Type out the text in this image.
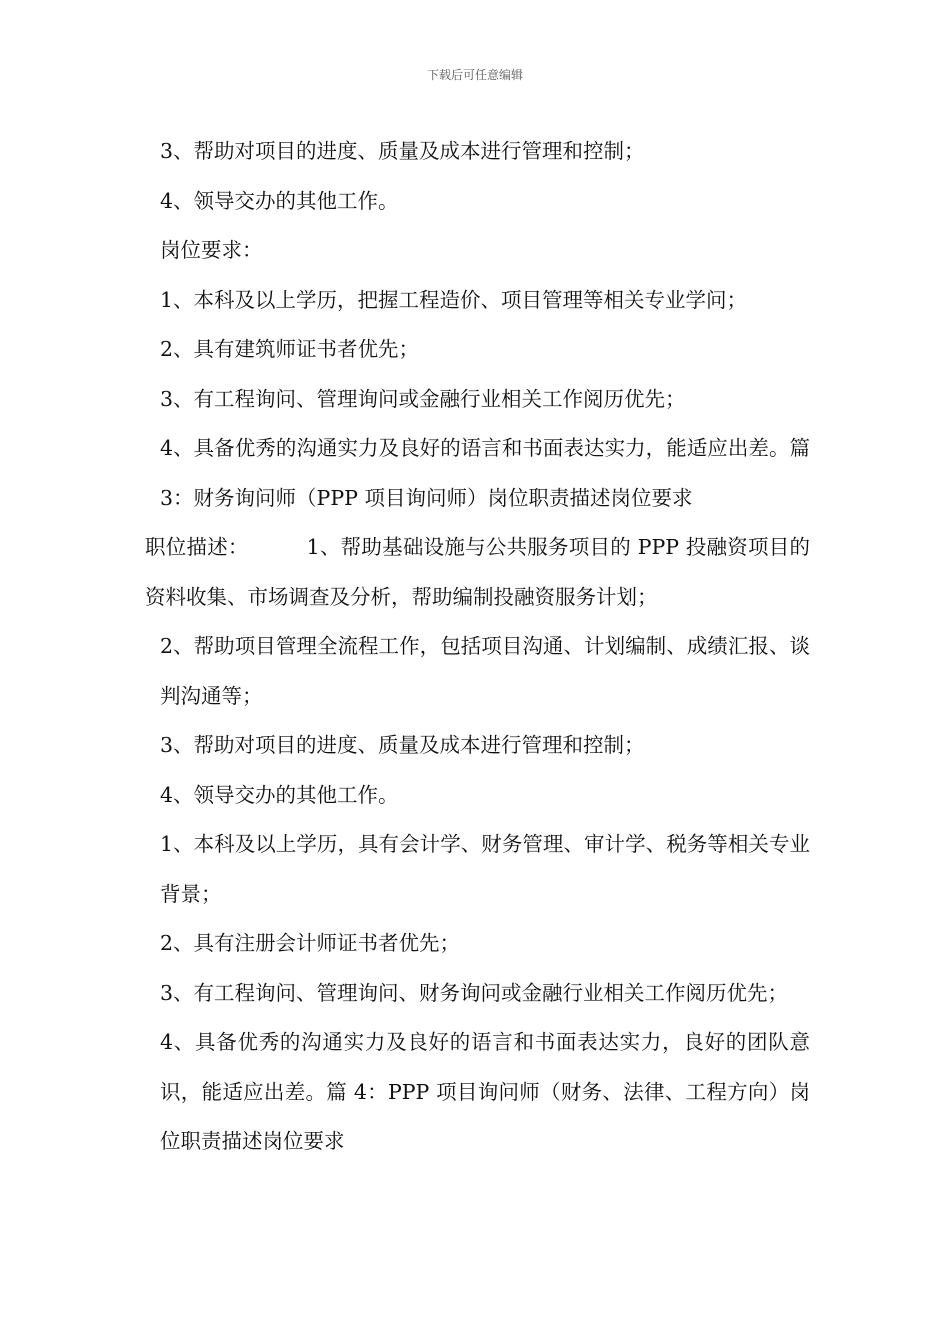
下载后可任意编辑

3、帮助对项目的进度、质量及成本进行管理和控制；

4、领导交办的其他工作。

岗位要求：

1、本科及以上学历，把握工程造价、项目管理等相关专业学问；

2、具有建筑师证书者优先；

3、有工程询问、管理询问或金融行业相关工作阅历优先；

4、具备优秀的沟通实力及良好的语言和书面表达实力，能适应出差。篇 3：财务询问师（PPP 项目询问师）岗位职责描述岗位要求

职位描述：	1、帮助基础设施与公共服务项目的 PPP 投融资项目的资料收集、市场调查及分析，帮助编制投融资服务计划；

2、帮助项目管理全流程工作，包括项目沟通、计划编制、成绩汇报、谈判沟通等；

3、帮助对项目的进度、质量及成本进行管理和控制；

4、领导交办的其他工作。

1、本科及以上学历，具有会计学、财务管理、审计学、税务等相关专业背景；

2、具有注册会计师证书者优先；

3、有工程询问、管理询问、财务询问或金融行业相关工作阅历优先；

4、具备优秀的沟通实力及良好的语言和书面表达实力，良好的团队意识，能适应出差。篇 4：PPP 项目询问师（财务、法律、工程方向）岗位职责描述岗位要求
